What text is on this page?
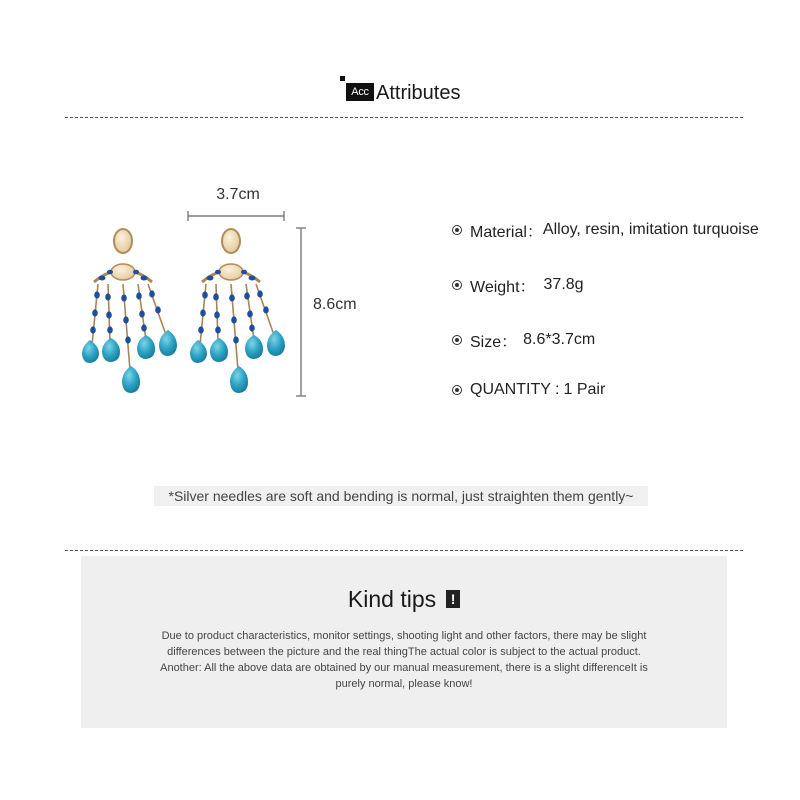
Acc Attributes
3.7cm
8.6cm
Material： Alloy, resin, imitation turquoise
Weight： 37.8g
Size： 8.6*3.7cm
QUANTITY : 1 Pair
*Silver needles are soft and bending is normal, just straighten them gently~
Kind tips !
Due to product characteristics, monitor settings, shooting light and other factors, there may be slight
differences between the picture and the real thingThe actual color is subject to the actual product.
Another: All the above data are obtained by our manual measurement, there is a slight differenceIt is
purely normal, please know!
